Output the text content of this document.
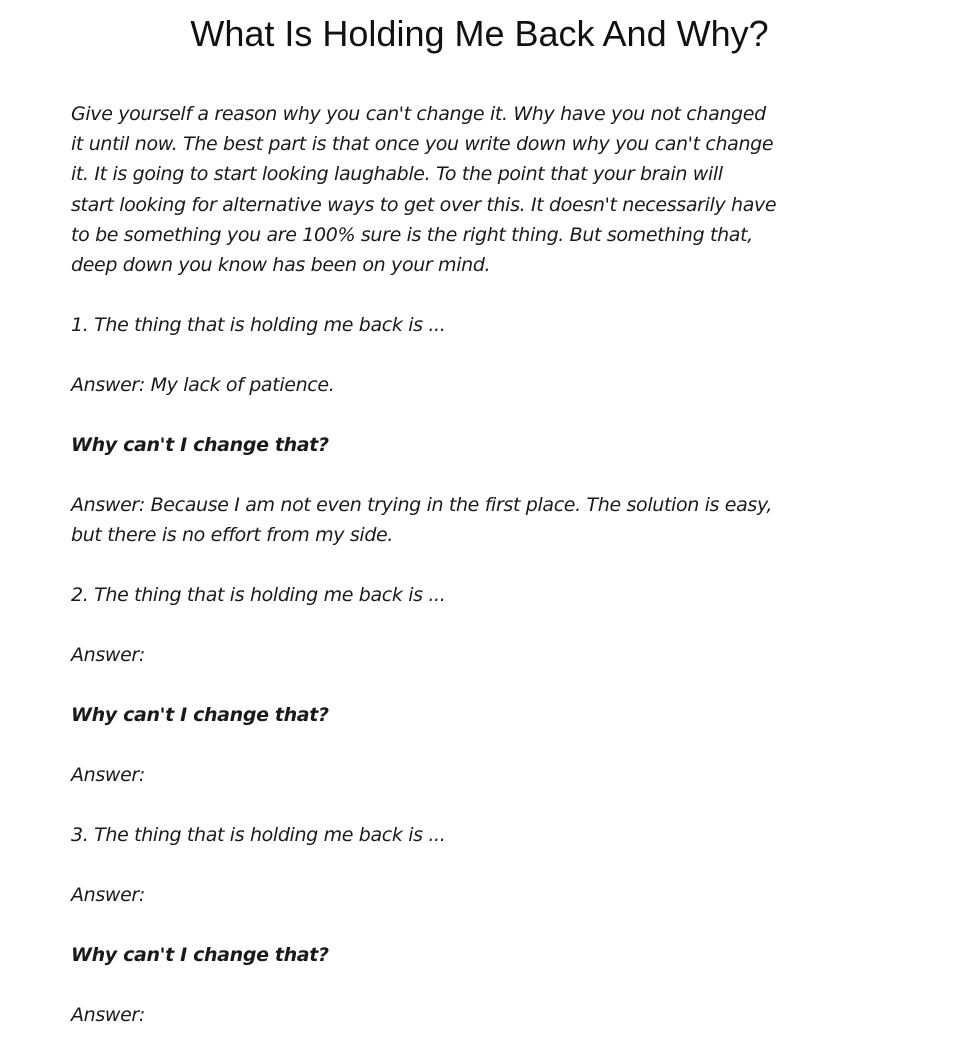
What Is Holding Me Back And Why?

Give yourself a reason why you can't change it. Why have you not changed
it until now. The best part is that once you write down why you can't change
it. It is going to start looking laughable. To the point that your brain will
start looking for alternative ways to get over this. It doesn't necessarily have
to be something you are 100% sure is the right thing. But something that,
deep down you know has been on your mind.

1. The thing that is holding me back is ...

Answer: My lack of patience.

Why can't I change that?

Answer: Because I am not even trying in the first place. The solution is easy,
but there is no effort from my side.

2. The thing that is holding me back is ...

Answer:

Why can't I change that?

Answer:

3. The thing that is holding me back is ...

Answer:

Why can't I change that?

Answer:
